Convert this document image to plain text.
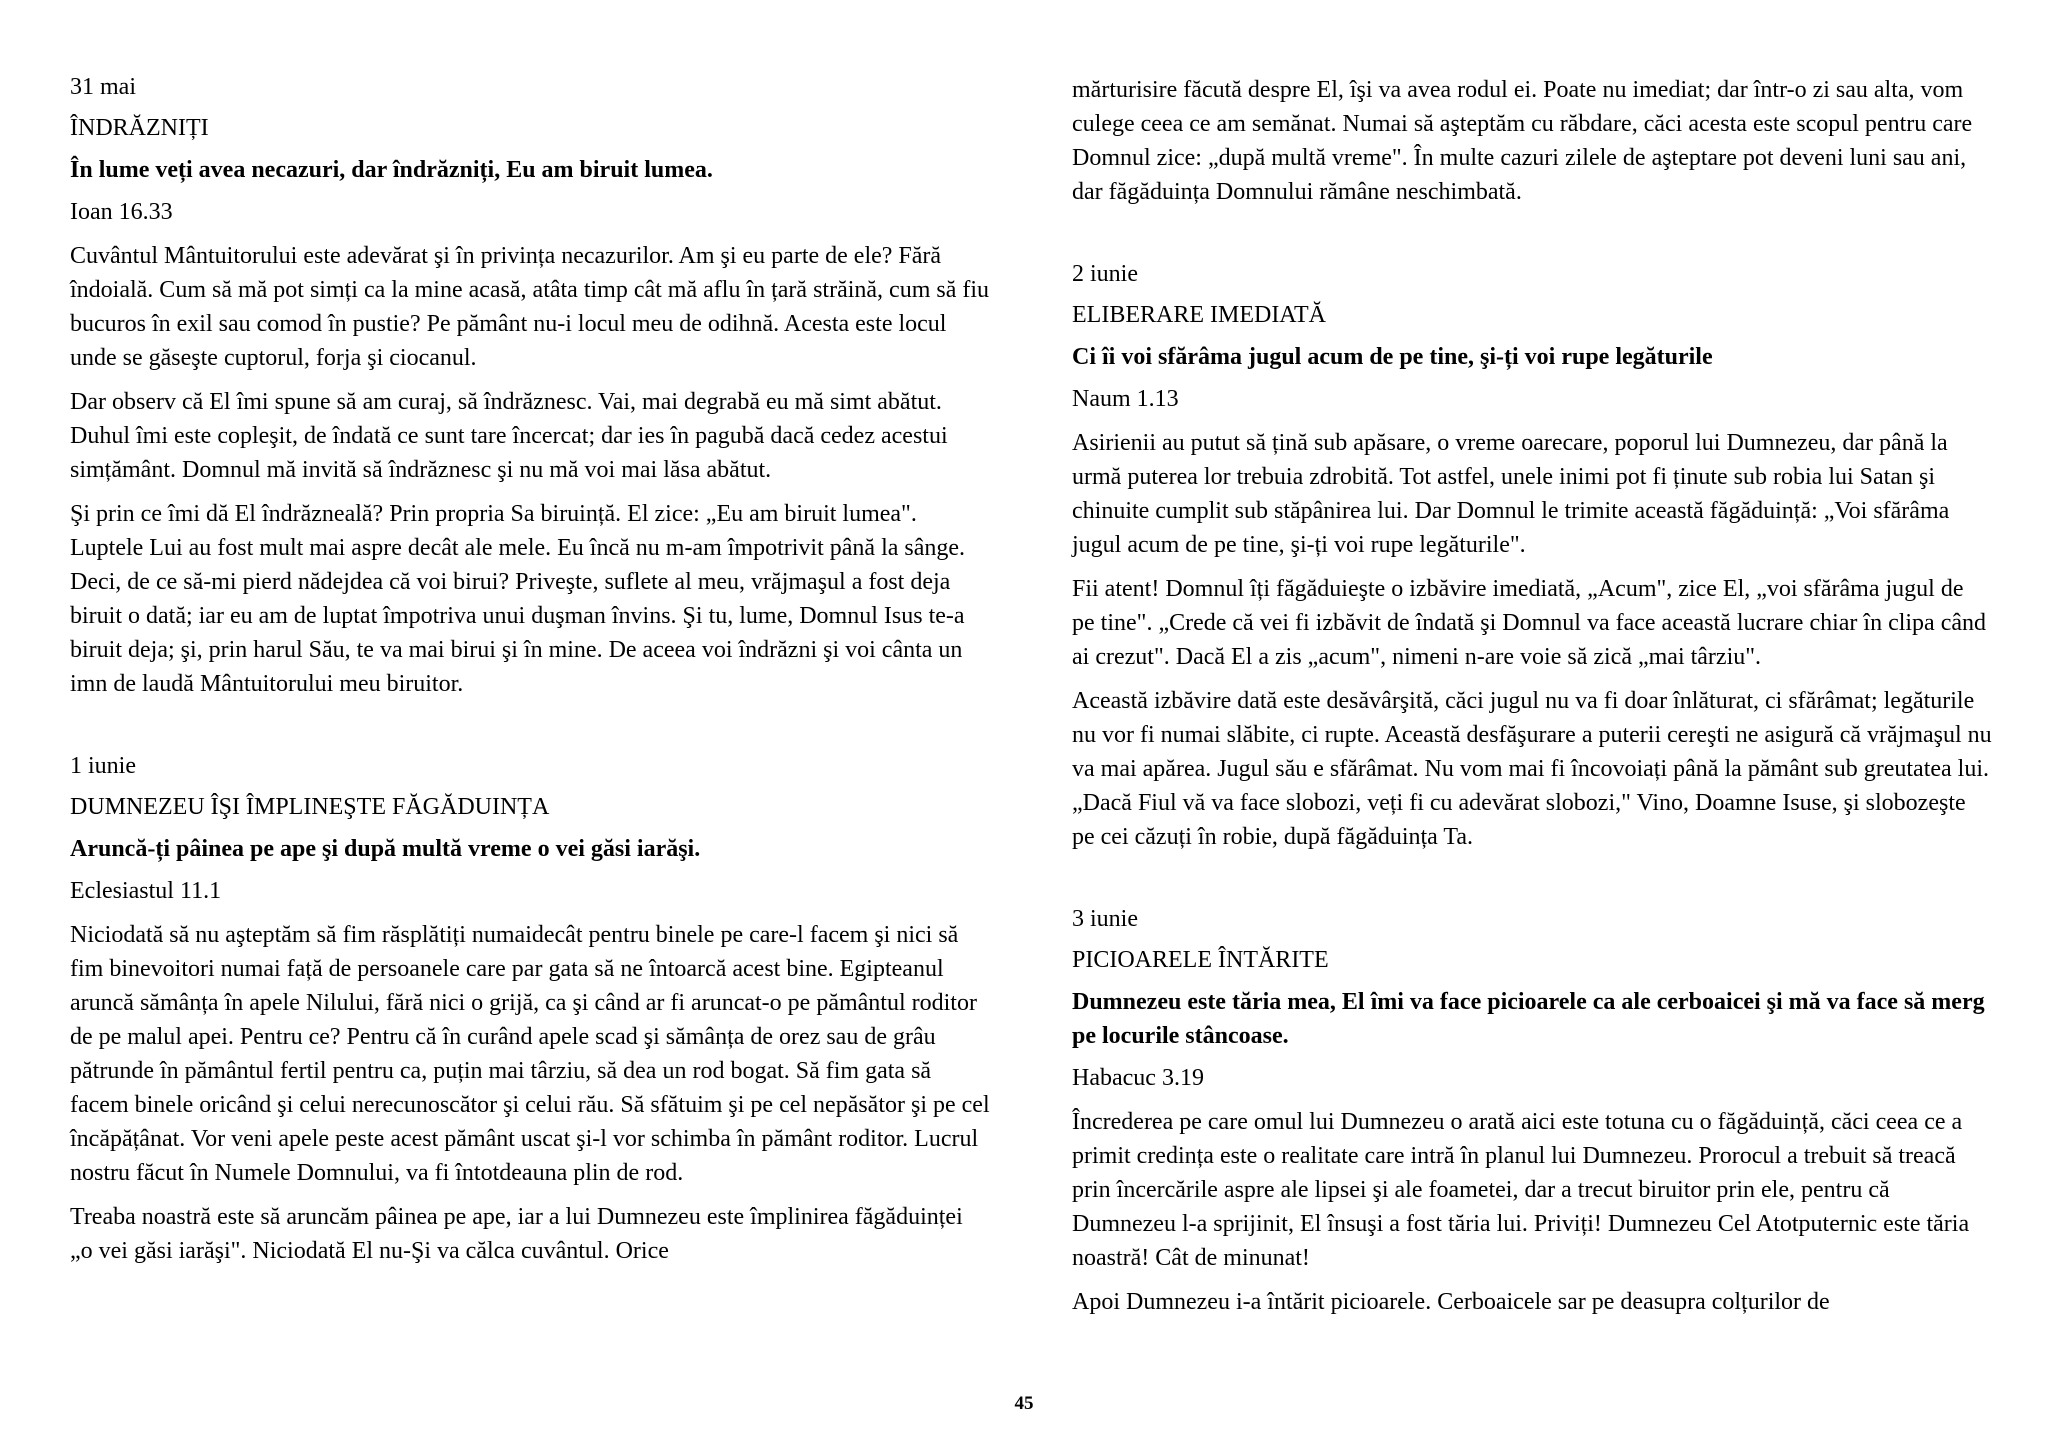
31 mai

ÎNDRĂZNIȚI

În lume veți avea necazuri, dar îndrăzniți, Eu am biruit lumea.

Ioan 16.33

Cuvântul Mântuitorului este adevărat şi în privința necazurilor. Am şi eu parte de ele? Fără îndoială. Cum să mă pot simți ca la mine acasă, atâta timp cât mă aflu în țară străină, cum să fiu bucuros în exil sau comod în pustie? Pe pământ nu-i locul meu de odihnă. Acesta este locul unde se găseşte cuptorul, forja şi ciocanul.

Dar observ că El îmi spune să am curaj, să îndrăznesc. Vai, mai degrabă eu mă simt abătut. Duhul îmi este copleşit, de îndată ce sunt tare încercat; dar ies în pagubă dacă cedez acestui simțământ. Domnul mă invită să îndrăznesc şi nu mă voi mai lăsa abătut.

Şi prin ce îmi dă El îndrăzneală? Prin propria Sa biruință. El zice: „Eu am biruit lumea". Luptele Lui au fost mult mai aspre decât ale mele. Eu încă nu m-am împotrivit până la sânge. Deci, de ce să-mi pierd nădejdea că voi birui? Priveşte, suflete al meu, vrăjmaşul a fost deja biruit o dată; iar eu am de luptat împotriva unui duşman învins. Şi tu, lume, Domnul Isus te-a biruit deja; şi, prin harul Său, te va mai birui şi în mine. De aceea voi îndrăzni şi voi cânta un imn de laudă Mântuitorului meu biruitor.

1 iunie

DUMNEZEU ÎŞI ÎMPLINEŞTE FĂGĂDUINȚA

Aruncă-ți pâinea pe ape şi după multă vreme o vei găsi iarăşi.

Eclesiastul 11.1

Niciodată să nu aşteptăm să fim răsplătiți numaidecât pentru binele pe care-l facem şi nici să fim binevoitori numai față de persoanele care par gata să ne întoarcă acest bine. Egipteanul aruncă sămânța în apele Nilului, fără nici o grijă, ca şi când ar fi aruncat-o pe pământul roditor de pe malul apei. Pentru ce? Pentru că în curând apele scad şi sămânța de orez sau de grâu pătrunde în pământul fertil pentru ca, puțin mai târziu, să dea un rod bogat. Să fim gata să facem binele oricând şi celui nerecunoscător şi celui rău. Să sfătuim şi pe cel nepăsător şi pe cel încăpățânat. Vor veni apele peste acest pământ uscat şi-l vor schimba în pământ roditor. Lucrul nostru făcut în Numele Domnului, va fi întotdeauna plin de rod.

Treaba noastră este să aruncăm pâinea pe ape, iar a lui Dumnezeu este împlinirea făgăduinței „o vei găsi iarăşi". Niciodată El nu-Şi va călca cuvântul. Orice

mărturisire făcută despre El, îşi va avea rodul ei. Poate nu imediat; dar într-o zi sau alta, vom culege ceea ce am semănat. Numai să aşteptăm cu răbdare, căci acesta este scopul pentru care Domnul zice: „după multă vreme". În multe cazuri zilele de aşteptare pot deveni luni sau ani, dar făgăduința Domnului rămâne neschimbată.

2 iunie

ELIBERARE IMEDIATĂ

Ci îi voi sfărâma jugul acum de pe tine, şi-ți voi rupe legăturile

Naum 1.13

Asirienii au putut să țină sub apăsare, o vreme oarecare, poporul lui Dumnezeu, dar până la urmă puterea lor trebuia zdrobită. Tot astfel, unele inimi pot fi ținute sub robia lui Satan şi chinuite cumplit sub stăpânirea lui. Dar Domnul le trimite această făgăduință: „Voi sfărâma jugul acum de pe tine, şi-ți voi rupe legăturile".

Fii atent! Domnul îți făgăduieşte o izbăvire imediată, „Acum", zice El, „voi sfărâma jugul de pe tine". „Crede că vei fi izbăvit de îndată şi Domnul va face această lucrare chiar în clipa când ai crezut". Dacă El a zis „acum", nimeni n-are voie să zică „mai târziu".

Această izbăvire dată este desăvârşită, căci jugul nu va fi doar înlăturat, ci sfărâmat; legăturile nu vor fi numai slăbite, ci rupte. Această desfăşurare a puterii cereşti ne asigură că vrăjmaşul nu va mai apărea. Jugul său e sfărâmat. Nu vom mai fi încovoiați până la pământ sub greutatea lui. „Dacă Fiul vă va face slobozi, veți fi cu adevărat slobozi," Vino, Doamne Isuse, şi slobozeşte pe cei căzuți în robie, după făgăduința Ta.

3 iunie

PICIOARELE ÎNTĂRITE

Dumnezeu este tăria mea, El îmi va face picioarele ca ale cerboaicei şi mă va face să merg pe locurile stâncoase.

Habacuc 3.19

Încrederea pe care omul lui Dumnezeu o arată aici este totuna cu o făgăduință, căci ceea ce a primit credința este o realitate care intră în planul lui Dumnezeu. Prorocul a trebuit să treacă prin încercările aspre ale lipsei şi ale foametei, dar a trecut biruitor prin ele, pentru că Dumnezeu l-a sprijinit, El însuşi a fost tăria lui. Priviți! Dumnezeu Cel Atotputernic este tăria noastră! Cât de minunat!

Apoi Dumnezeu i-a întărit picioarele. Cerboaicele sar pe deasupra colțurilor de

45
